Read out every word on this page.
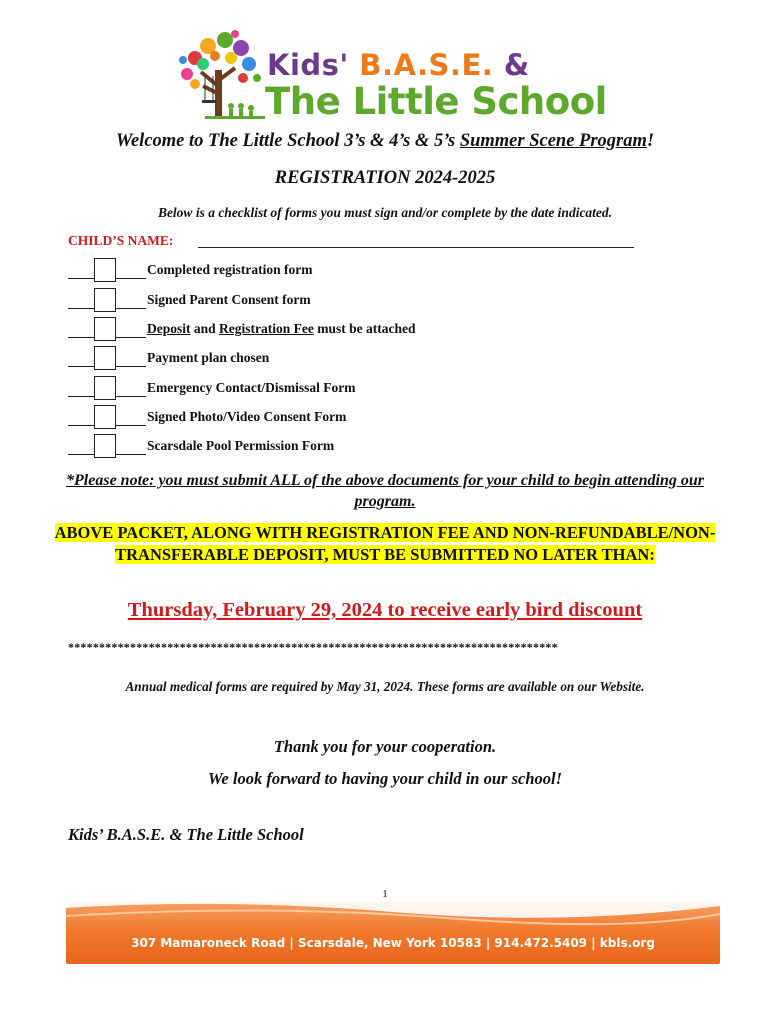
Kids' B.A.S.E. &
The Little School
Welcome to The Little School 3’s & 4’s & 5’s Summer Scene Program!
REGISTRATION 2024-2025
Below is a checklist of forms you must sign and/or complete by the date indicated.
CHILD’S NAME:
Completed registration form
Signed Parent Consent form
Deposit and Registration Fee must be attached
Payment plan chosen
Emergency Contact/Dismissal Form
Signed Photo/Video Consent Form
Scarsdale Pool Permission Form
*Please note: you must submit ALL of the above documents for your child to begin attending our program.
ABOVE PACKET, ALONG WITH REGISTRATION FEE AND NON-REFUNDABLE/NON-TRANSFERABLE DEPOSIT, MUST BE SUBMITTED NO LATER THAN:
Thursday, February 29, 2024 to receive early bird discount
*******************************************************************************
Annual medical forms are required by May 31, 2024. These forms are available on our Website.
Thank you for your cooperation.
We look forward to having your child in our school!
Kids’ B.A.S.E. & The Little School
1
307 Mamaroneck Road | Scarsdale, New York 10583 | 914.472.5409 | kbls.org
